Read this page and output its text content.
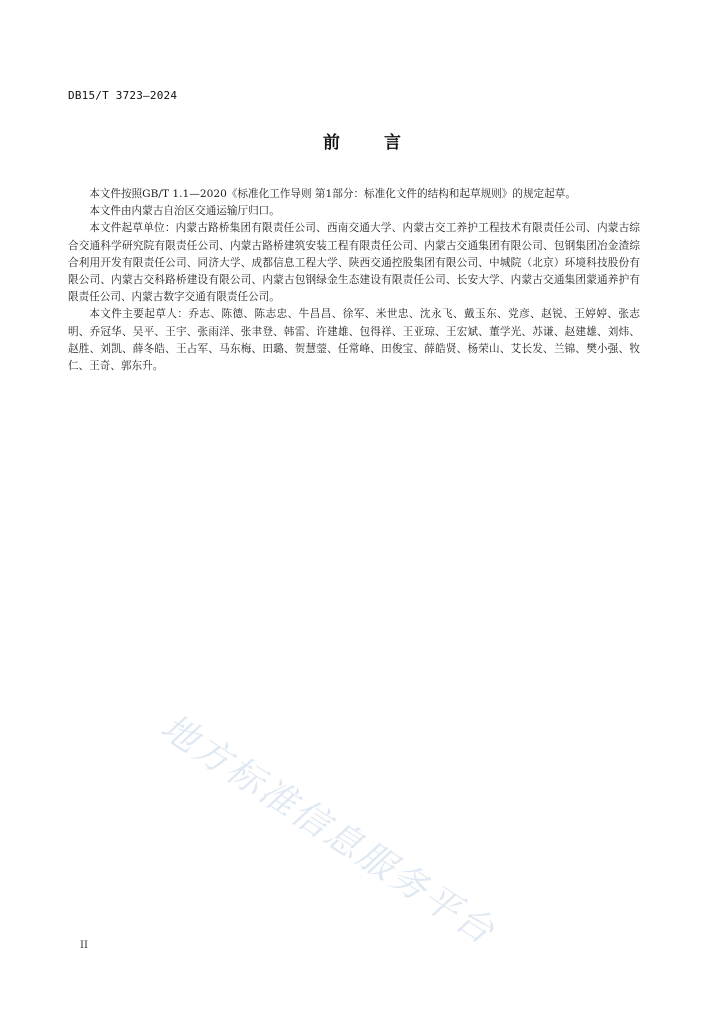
DB15/T 3723—2024
前	言

本文件按照GB/T 1.1—2020《标准化工作导则 第1部分：标准化文件的结构和起草规则》的规定起草。

本文件由内蒙古自治区交通运输厅归口。

本文件起草单位：内蒙古路桥集团有限责任公司、西南交通大学、内蒙古交工养护工程技术有限责任公司、内蒙古综合交通科学研究院有限责任公司、内蒙古路桥建筑安装工程有限责任公司、内蒙古交通集团有限公司、包钢集团冶金渣综合利用开发有限责任公司、同济大学、成都信息工程大学、陕西交通控股集团有限公司、中城院（北京）环境科技股份有限公司、内蒙古交科路桥建设有限公司、内蒙古包钢绿金生态建设有限责任公司、长安大学、内蒙古交通集团蒙通养护有限责任公司、内蒙古数字交通有限责任公司。

本文件主要起草人：乔志、陈德、陈志忠、牛昌昌、徐军、米世忠、沈永飞、戴玉东、党彦、赵锐、王婷婷、张志明、乔冠华、吴平、王宇、张雨洋、张聿登、韩雷、许建雄、包得祥、王亚琼、王宏斌、董学光、苏谦、赵建雄、刘炜、赵胜、刘凯、薛冬皓、王占军、马东梅、田璐、贺慧蓥、任常峰、田俊宝、薛皓贤、杨荣山、艾长发、兰锦、樊小强、牧仁、王奇、郭东升。

地方标准信息服务平台
II
